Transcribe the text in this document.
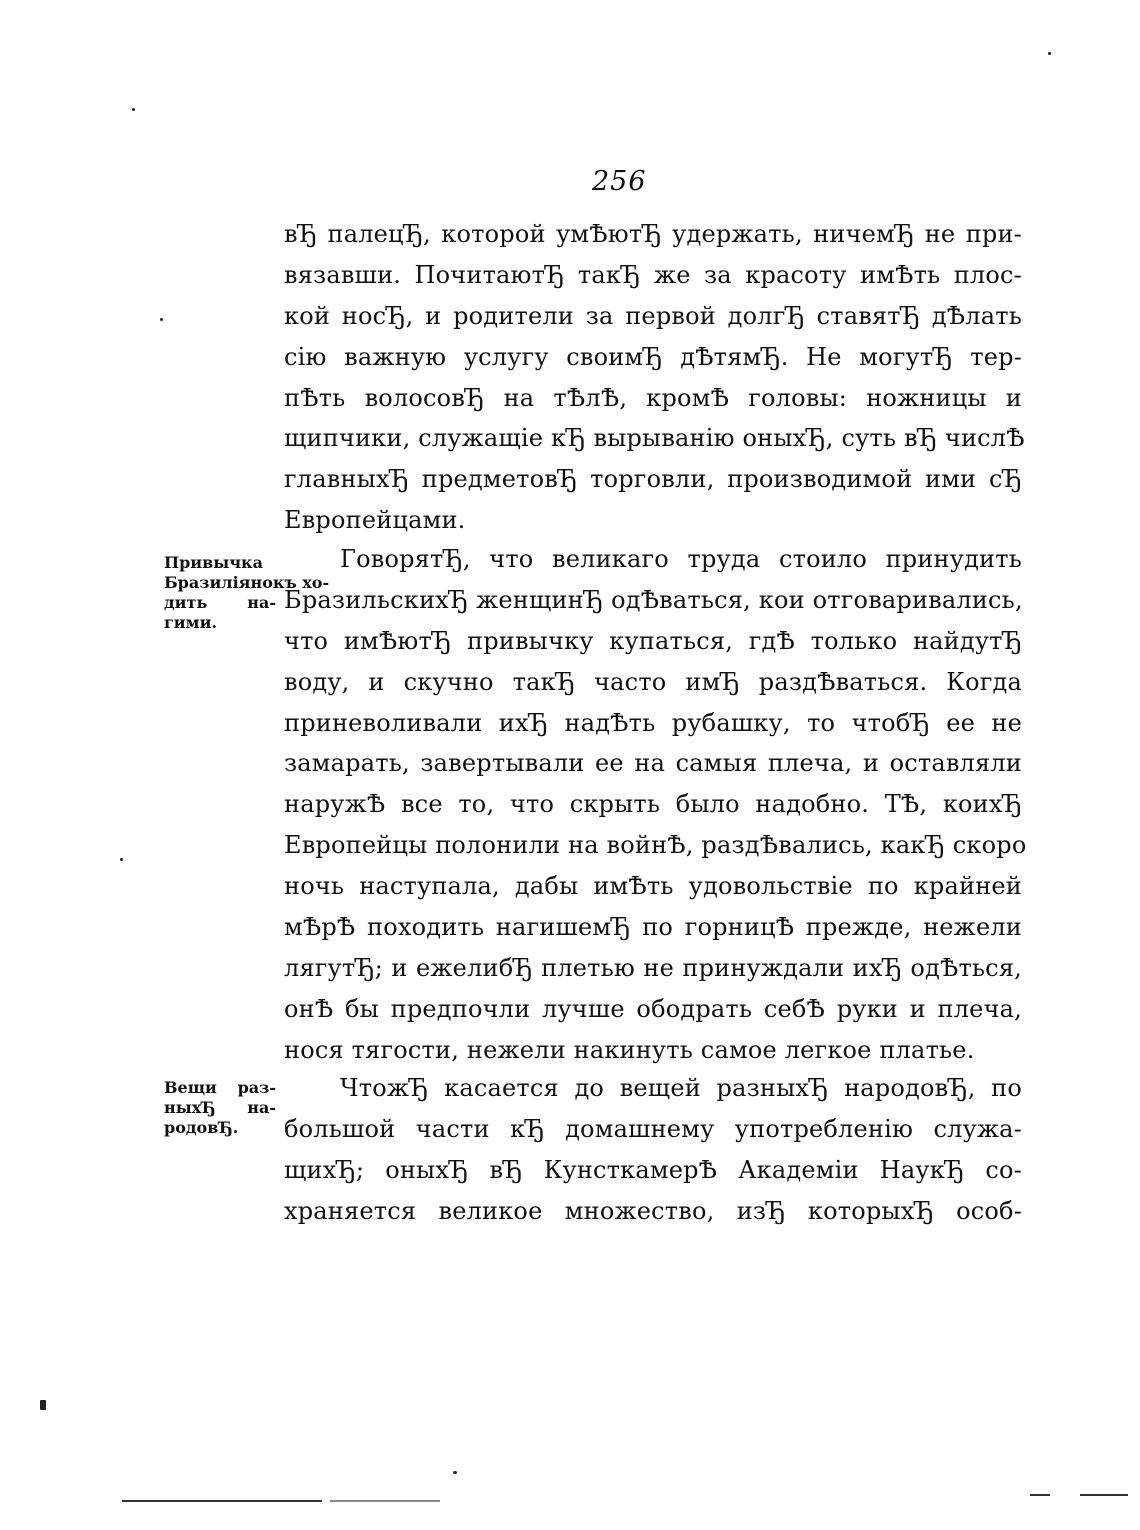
256
вЂ палецЂ, которой умѢютЂ удержать, ничемЂ не при-
вязавши. ПочитаютЂ такЂ же за красоту имѢть плос-
кой носЂ, и родители за первой долгЂ ставятЂ дѢлать
сію важную услугу своимЂ дѢтямЂ. Не могутЂ тер-
пѢть волосовЂ на тѢлѢ, кромѢ головы: ножницы и
щипчики, служащіе кЂ вырыванію оныхЂ, суть вЂ числѢ
главныхЂ предметовЂ торговли, производимой ими сЂ
Европейцами.
Привычка
Бразиліянокъ хо-
дить на-
гими.
ГоворятЂ, что великаго труда стоило принудить
БразильскихЂ женщинЂ одѢваться, кои отговаривались,
что имѢютЂ привычку купаться, гдѢ только найдутЂ
воду, и скучно такЂ часто имЂ раздѢваться. Когда
приневоливали ихЂ надѢть рубашку, то чтобЂ ее не
замарать, завертывали ее на самыя плеча, и оставляли
наружѢ все то, что скрыть было надобно. ТѢ, коихЂ
Европейцы полонили на войнѢ, раздѢвались, какЂ скоро
ночь наступала, дабы имѢть удовольствіе по крайней
мѢрѢ походить нагишемЂ по горницѢ прежде, нежели
лягутЂ; и ежелибЂ плетью не принуждали ихЂ одѢться,
онѢ бы предпочли лучше ободрать себѢ руки и плеча,
нося тягости, нежели накинуть самое легкое платье.
Вещи раз-
ныхЂ на-
родовЂ.
ЧтожЂ касается до вещей разныхЂ народовЂ, по
большой части кЂ домашнему употребленію служа-
щихЂ; оныхЂ вЂ КунсткамерѢ Академіи НаукЂ со-
храняется великое множество, изЂ которыхЂ особ-
